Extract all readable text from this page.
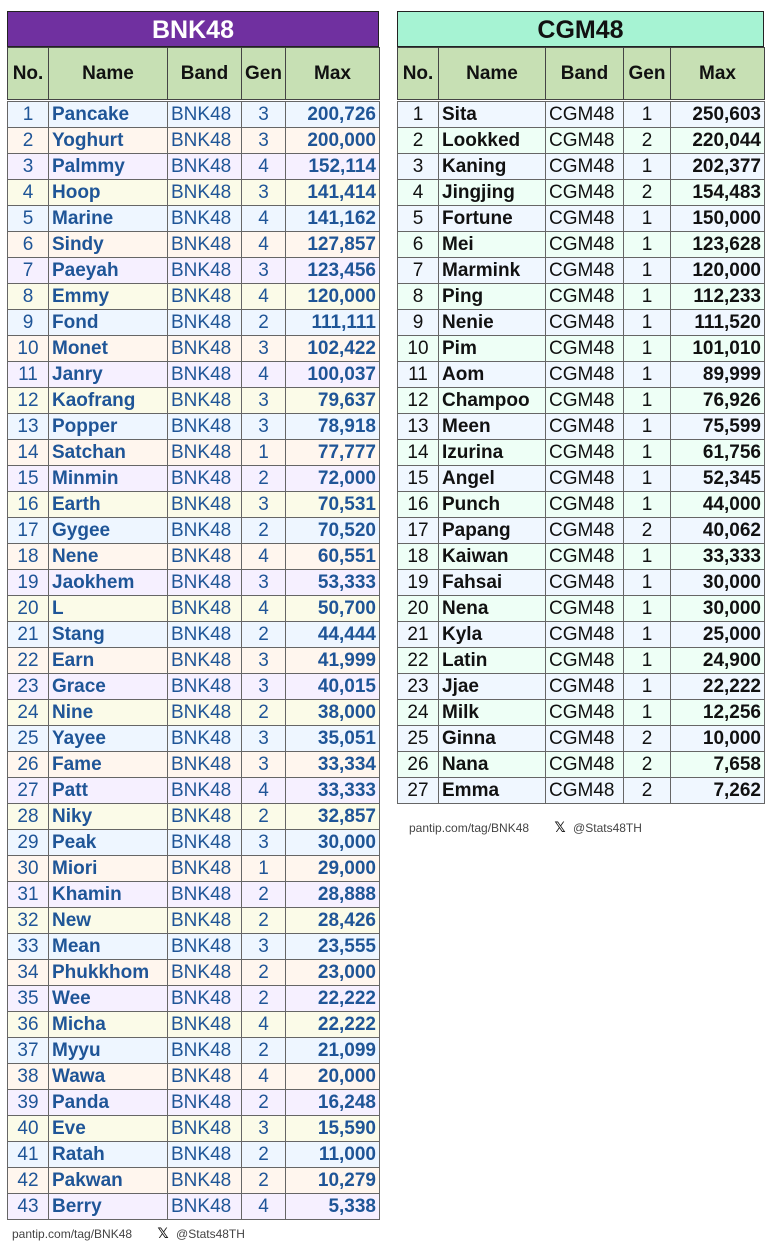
BNK48
No.	Name	Band	Gen	Max

1	Pancake	BNK48	3	200,726
2	Yoghurt	BNK48	3	200,000
3	Palmmy	BNK48	4	152,114
4	Hoop	BNK48	3	141,414
5	Marine	BNK48	4	141,162
6	Sindy	BNK48	4	127,857
7	Paeyah	BNK48	3	123,456
8	Emmy	BNK48	4	120,000
9	Fond	BNK48	2	111,111
10	Monet	BNK48	3	102,422
11	Janry	BNK48	4	100,037
12	Kaofrang	BNK48	3	79,637
13	Popper	BNK48	3	78,918
14	Satchan	BNK48	1	77,777
15	Minmin	BNK48	2	72,000
16	Earth	BNK48	3	70,531
17	Gygee	BNK48	2	70,520
18	Nene	BNK48	4	60,551
19	Jaokhem	BNK48	3	53,333
20	L	BNK48	4	50,700
21	Stang	BNK48	2	44,444
22	Earn	BNK48	3	41,999
23	Grace	BNK48	3	40,015
24	Nine	BNK48	2	38,000
25	Yayee	BNK48	3	35,051
26	Fame	BNK48	3	33,334
27	Patt	BNK48	4	33,333
28	Niky	BNK48	2	32,857
29	Peak	BNK48	3	30,000
30	Miori	BNK48	1	29,000
31	Khamin	BNK48	2	28,888
32	New	BNK48	2	28,426
33	Mean	BNK48	3	23,555
34	Phukkhom	BNK48	2	23,000
35	Wee	BNK48	2	22,222
36	Micha	BNK48	4	22,222
37	Myyu	BNK48	2	21,099
38	Wawa	BNK48	4	20,000
39	Panda	BNK48	2	16,248
40	Eve	BNK48	3	15,590
41	Ratah	BNK48	2	11,000
42	Pakwan	BNK48	2	10,279
43	Berry	BNK48	4	5,338
CGM48
No.	Name	Band	Gen	Max

1	Sita	CGM48	1	250,603
2	Lookked	CGM48	2	220,044
3	Kaning	CGM48	1	202,377
4	Jingjing	CGM48	2	154,483
5	Fortune	CGM48	1	150,000
6	Mei	CGM48	1	123,628
7	Marmink	CGM48	1	120,000
8	Ping	CGM48	1	112,233
9	Nenie	CGM48	1	111,520
10	Pim	CGM48	1	101,010
11	Aom	CGM48	1	89,999
12	Champoo	CGM48	1	76,926
13	Meen	CGM48	1	75,599
14	Izurina	CGM48	1	61,756
15	Angel	CGM48	1	52,345
16	Punch	CGM48	1	44,000
17	Papang	CGM48	2	40,062
18	Kaiwan	CGM48	1	33,333
19	Fahsai	CGM48	1	30,000
20	Nena	CGM48	1	30,000
21	Kyla	CGM48	1	25,000
22	Latin	CGM48	1	24,900
23	Jjae	CGM48	1	22,222
24	Milk	CGM48	1	12,256
25	Ginna	CGM48	2	10,000
26	Nana	CGM48	2	7,658
27	Emma	CGM48	2	7,262
pantip.com/tag/BNK48 𝕏 @Stats48TH
pantip.com/tag/BNK48 𝕏 @Stats48TH
